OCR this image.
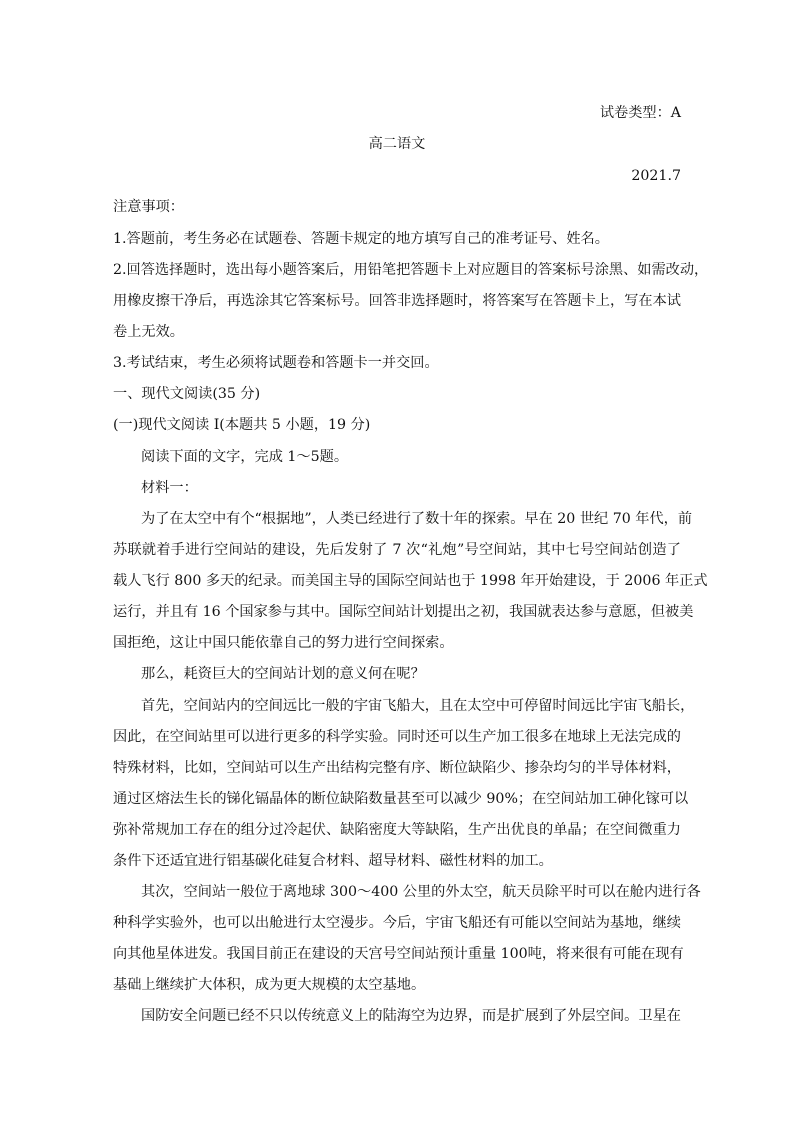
试卷类型：A
高二语文
2021.7
注意事项：
1.答题前，考生务必在试题卷、答题卡规定的地方填写自己的准考证号、姓名。
2.回答选择题时，选出每小题答案后，用铅笔把答题卡上对应题目的答案标号涂黑、如需改动，
用橡皮擦干净后，再选涂其它答案标号。回答非选择题时，将答案写在答题卡上，写在本试
卷上无效。
3.考试结束，考生必须将试题卷和答题卡一并交回。
一、现代文阅读(35 分)
(一)现代文阅读 I(本题共 5 小题，19 分)
阅读下面的文字，完成 1～5题。
材料一：
为了在太空中有个“根据地”，人类已经进行了数十年的探索。早在 20 世纪 70 年代，前
苏联就着手进行空间站的建设，先后发射了 7 次“礼炮”号空间站，其中七号空间站创造了
载人飞行 800 多天的纪录。而美国主导的国际空间站也于 1998 年开始建设，于 2006 年正式
运行，并且有 16 个国家参与其中。国际空间站计划提出之初，我国就表达参与意愿，但被美
国拒绝，这让中国只能依靠自己的努力进行空间探索。
那么，耗资巨大的空间站计划的意义何在呢？
首先，空间站内的空间远比一般的宇宙飞船大，且在太空中可停留时间远比宇宙飞船长，
因此，在空间站里可以进行更多的科学实验。同时还可以生产加工很多在地球上无法完成的
特殊材料，比如，空间站可以生产出结构完整有序、断位缺陷少、掺杂均匀的半导体材料，
通过区熔法生长的锑化镉晶体的断位缺陷数量甚至可以减少 90%；在空间站加工砷化镓可以
弥补常规加工存在的组分过冷起伏、缺陷密度大等缺陷，生产出优良的单晶；在空间微重力
条件下还适宜进行铝基碳化硅复合材料、超导材料、磁性材料的加工。
其次，空间站一般位于离地球 300～400 公里的外太空，航天员除平时可以在舱内进行各
种科学实验外，也可以出舱进行太空漫步。今后，宇宙飞船还有可能以空间站为基地，继续
向其他星体进发。我国目前正在建设的天宫号空间站预计重量 100吨，将来很有可能在现有
基础上继续扩大体积，成为更大规模的太空基地。
国防安全问题已经不只以传统意义上的陆海空为边界，而是扩展到了外层空间。卫星在
